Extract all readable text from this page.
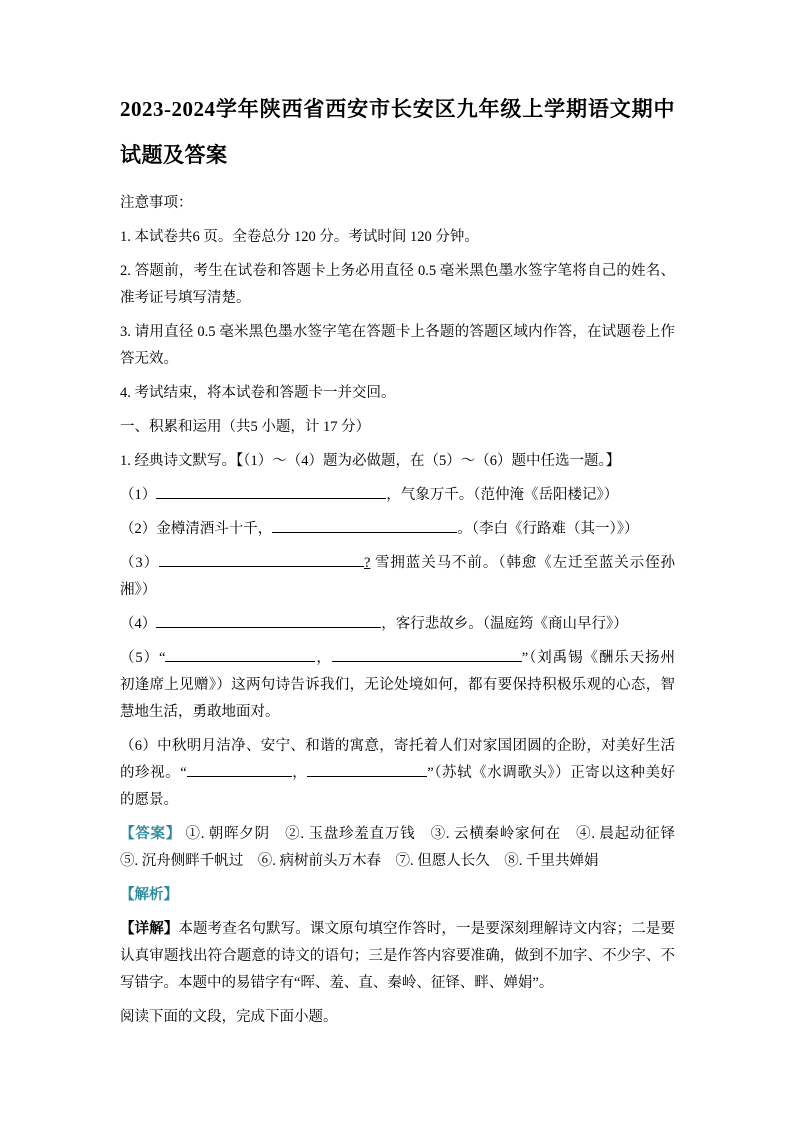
2023-2024学年陕西省西安市长安区九年级上学期语文期中试题及答案

注意事项：

1. 本试卷共6 页。全卷总分 120 分。考试时间 120 分钟。

2. 答题前，考生在试卷和答题卡上务必用直径 0.5 毫米黑色墨水签字笔将自己的姓名、准考证号填写清楚。

3. 请用直径 0.5 毫米黑色墨水签字笔在答题卡上各题的答题区域内作答，在试题卷上作答无效。

4. 考试结束，将本试卷和答题卡一并交回。

一、积累和运用（共5 小题，计 17 分）

1. 经典诗文默写。【（1）～（4）题为必做题，在（5）～（6）题中任选一题。】

（1）	，气象万千。（范仲淹《岳阳楼记》）

（2）金樽清酒斗十千，	。（李白《行路难（其一）》）

（3）	? 雪拥蓝关马不前。（韩愈《左迁至蓝关示侄孙湘》）

（4）	，客行悲故乡。（温庭筠《商山早行》）

（5）“	，	”（刘禹锡《酬乐天扬州初逢席上见赠》）这两句诗告诉我们，无论处境如何，都有要保持积极乐观的心态，智慧地生活，勇敢地面对。

（6）中秋明月洁净、安宁、和谐的寓意，寄托着人们对家国团圆的企盼，对美好生活的珍视。“	，	”（苏轼《水调歌头》）正寄以这种美好的愿景。

【答案】 ①. 朝晖夕阴　②. 玉盘珍羞直万钱　③. 云横秦岭家何在　④. 晨起动征铎　⑤. 沉舟侧畔千帆过　⑥. 病树前头万木春　⑦. 但愿人长久　⑧. 千里共婵娟

【解析】

【详解】本题考查名句默写。课文原句填空作答时，一是要深刻理解诗文内容；二是要认真审题找出符合题意的诗文的语句；三是作答内容要准确，做到不加字、不少字、不写错字。本题中的易错字有“晖、羞、直、秦岭、征铎、畔、婵娟”。

阅读下面的文段，完成下面小题。
